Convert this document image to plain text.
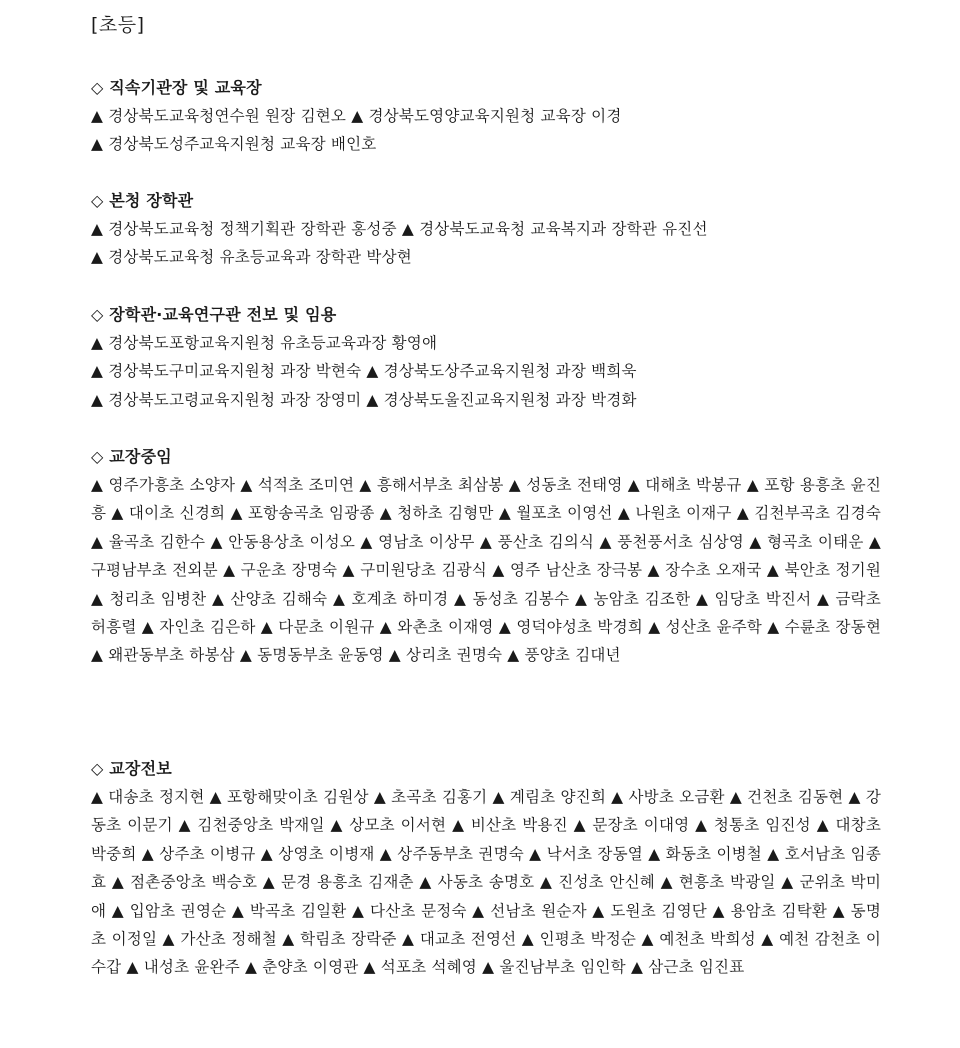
[초등]
◇ 직속기관장 및 교육장
▲ 경상북도교육청연수원 원장 김현오 ▲ 경상북도영양교육지원청 교육장 이경
▲ 경상북도성주교육지원청 교육장 배인호
◇ 본청 장학관
▲ 경상북도교육청 정책기획관 장학관 홍성중 ▲ 경상북도교육청 교육복지과 장학관 유진선
▲ 경상북도교육청 유초등교육과 장학관 박상현
◇ 장학관·교육연구관 전보 및 임용
▲ 경상북도포항교육지원청 유초등교육과장 황영애
▲ 경상북도구미교육지원청 과장 박현숙 ▲ 경상북도상주교육지원청 과장 백희욱
▲ 경상북도고령교육지원청 과장 장영미 ▲ 경상북도울진교육지원청 과장 박경화
◇ 교장중임

▲ 영주가흥초 소양자 ▲ 석적초 조미연 ▲ 흥해서부초 최삼봉 ▲ 성동초 전태영 ▲ 대해초 박봉규 ▲ 포항 용흥초 윤진흥 ▲ 대이초 신경희 ▲ 포항송곡초 임광종 ▲ 청하초 김형만 ▲ 월포초 이영선 ▲ 나원초 이재구 ▲ 김천부곡초 김경숙 ▲ 율곡초 김한수 ▲ 안동용상초 이성오 ▲ 영남초 이상무 ▲ 풍산초 김의식 ▲ 풍천풍서초 심상영 ▲ 형곡초 이태운 ▲ 구평남부초 전외분 ▲ 구운초 장명숙 ▲ 구미원당초 김광식 ▲ 영주 남산초 장극봉 ▲ 장수초 오재국 ▲ 북안초 정기원 ▲ 청리초 임병찬 ▲ 산양초 김해숙 ▲ 호계초 하미경 ▲ 동성초 김봉수 ▲ 농암초 김조한 ▲ 임당초 박진서 ▲ 금락초 허흥렬 ▲ 자인초 김은하 ▲ 다문초 이원규 ▲ 와촌초 이재영 ▲ 영덕야성초 박경희 ▲ 성산초 윤주학 ▲ 수륜초 장동현 ▲ 왜관동부초 하봉삼 ▲ 동명동부초 윤동영 ▲ 상리초 권명숙 ▲ 풍양초 김대년

◇ 교장전보

▲ 대송초 정지현 ▲ 포항해맞이초 김원상 ▲ 초곡초 김홍기 ▲ 계림초 양진희 ▲ 사방초 오금환 ▲ 건천초 김동현 ▲ 강동초 이문기 ▲ 김천중앙초 박재일 ▲ 상모초 이서현 ▲ 비산초 박용진 ▲ 문장초 이대영 ▲ 청통초 임진성 ▲ 대창초 박중희 ▲ 상주초 이병규 ▲ 상영초 이병재 ▲ 상주동부초 권명숙 ▲ 낙서초 장동열 ▲ 화동초 이병철 ▲ 호서남초 임종효 ▲ 점촌중앙초 백승호 ▲ 문경 용흥초 김재춘 ▲ 사동초 송명호 ▲ 진성초 안신혜 ▲ 현흥초 박광일 ▲ 군위초 박미애 ▲ 입암초 권영순 ▲ 박곡초 김일환 ▲ 다산초 문정숙 ▲ 선남초 원순자 ▲ 도원초 김영단 ▲ 용암초 김탁환 ▲ 동명초 이정일 ▲ 가산초 정해철 ▲ 학림초 장락준 ▲ 대교초 전영선 ▲ 인평초 박정순 ▲ 예천초 박희성 ▲ 예천 감천초 이수갑 ▲ 내성초 윤완주 ▲ 춘양초 이영관 ▲ 석포초 석혜영 ▲ 울진남부초 임인학 ▲ 삼근초 임진표
